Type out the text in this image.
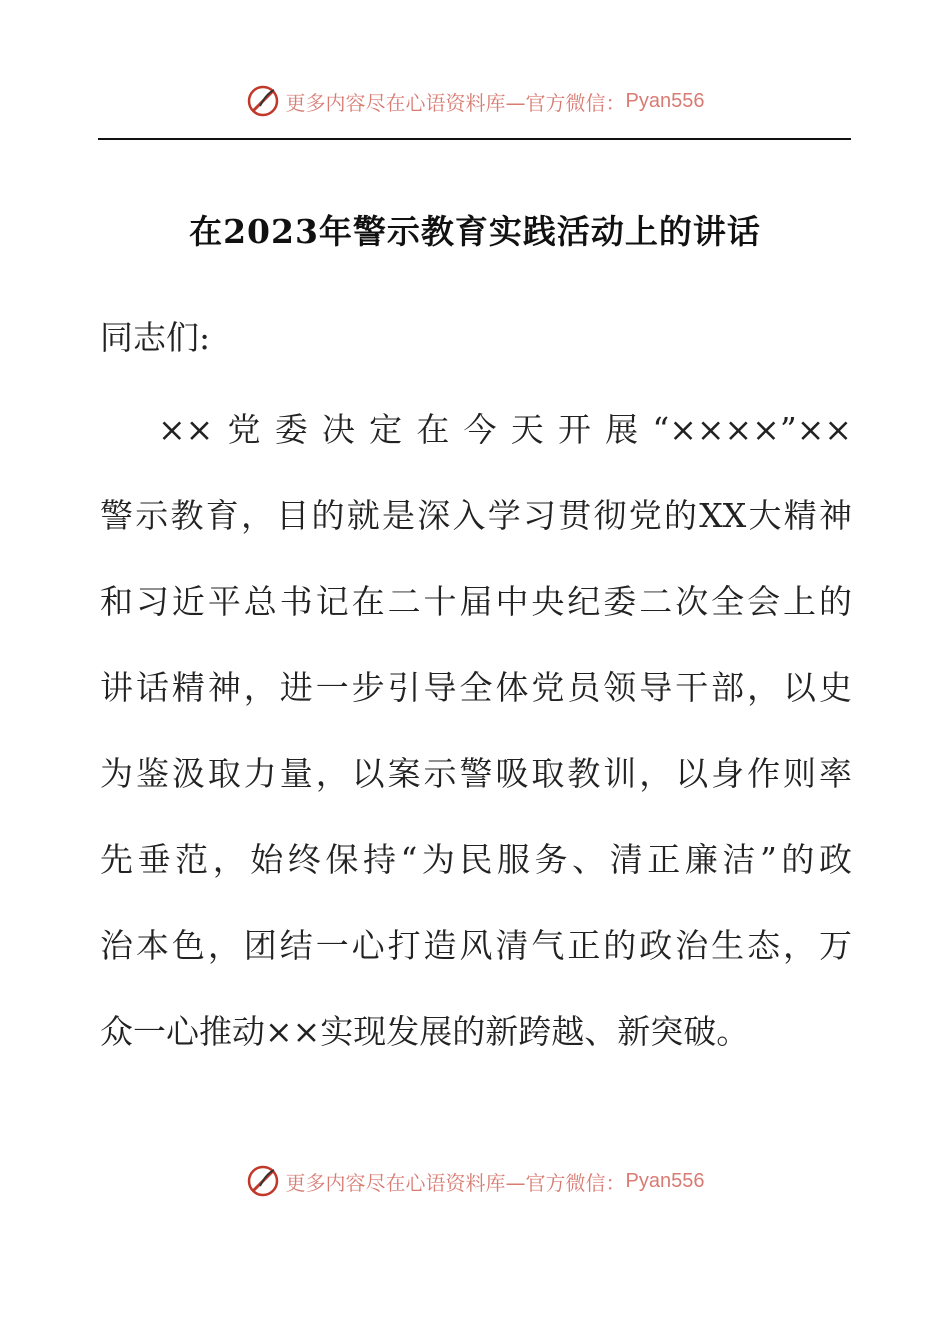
更多内容尽在心语资料库—官方微信： Pyan556
在2023年警示教育实践活动上的讲话
同志们:
××党委决定在今天开展“××××”××
警示教育，目的就是深入学习贯彻党的XX大精神
和习近平总书记在二十届中央纪委二次全会上的
讲话精神，进一步引导全体党员领导干部，以史
为鉴汲取力量，以案示警吸取教训，以身作则率
先垂范，始终保持“为民服务、清正廉洁”的政
治本色，团结一心打造风清气正的政治生态，万
众一心推动××实现发展的新跨越、新突破。
更多内容尽在心语资料库—官方微信： Pyan556
